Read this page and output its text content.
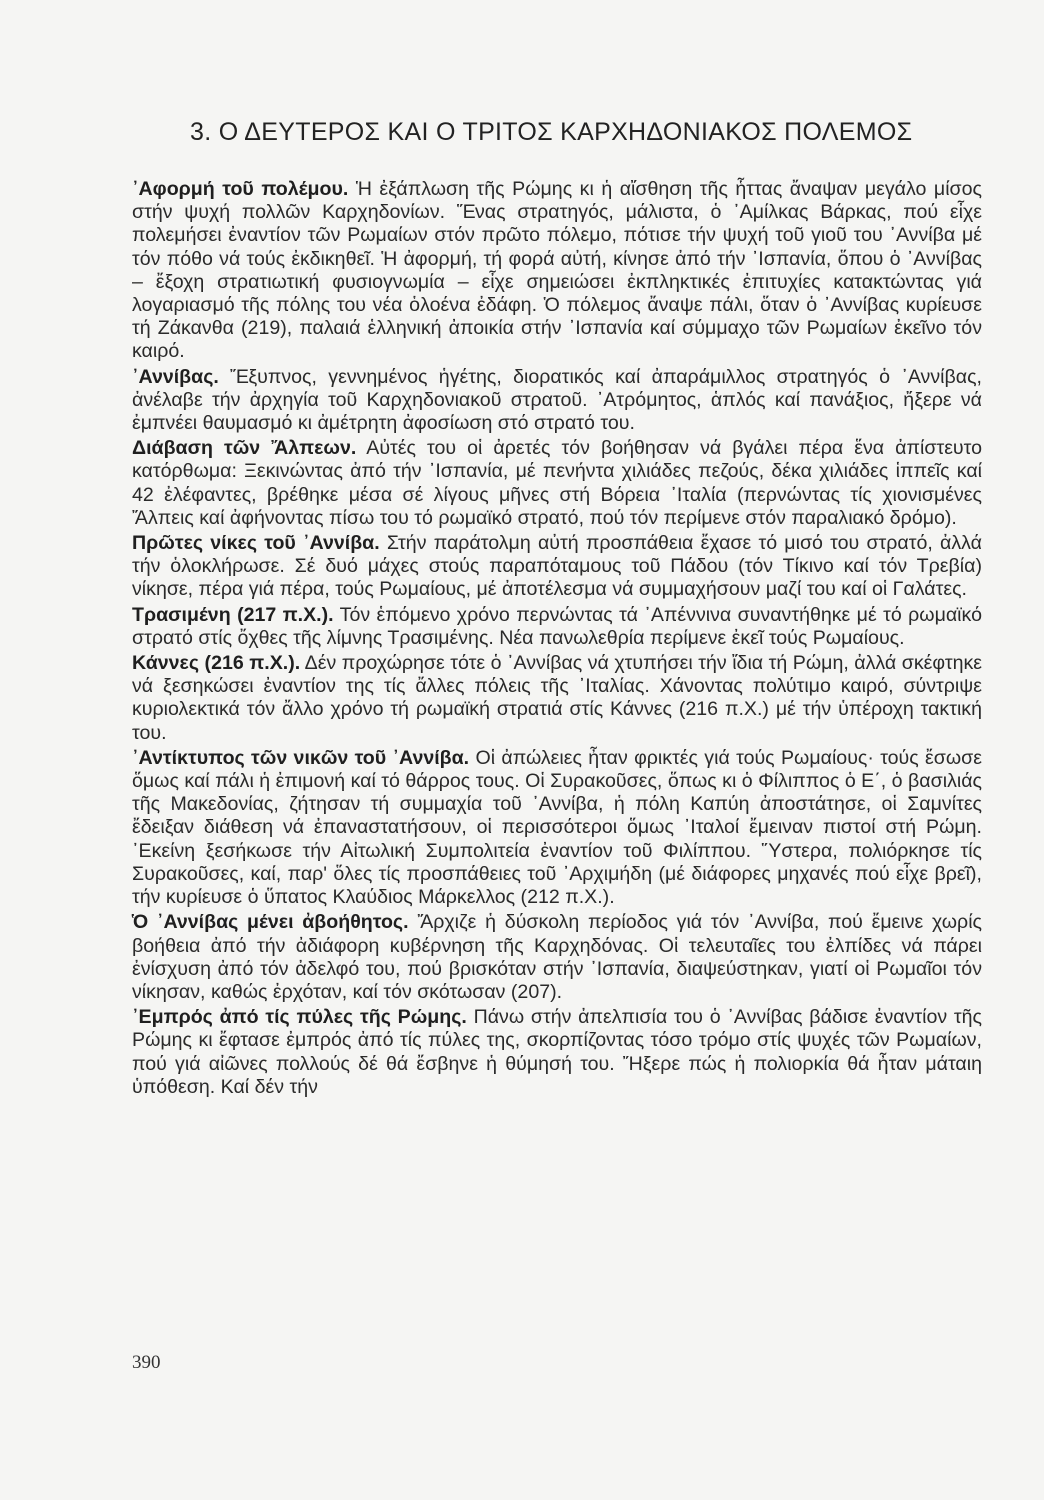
3. Ο ΔΕΥΤΕΡΟΣ ΚΑΙ Ο ΤΡΙΤΟΣ ΚΑΡΧΗΔΟΝΙΑΚΟΣ ΠΟΛΕΜΟΣ

᾿Αφορμή τοῦ πολέμου. Ἡ ἐξάπλωση τῆς Ρώμης κι ἡ αἴσθηση τῆς ἧττας ἄναψαν μεγάλο μίσος στήν ψυχή πολλῶν Καρχηδονίων. Ἕνας στρατηγός, μάλιστα, ὁ ᾿Αμίλκας Βάρκας, πού εἶχε πολεμήσει ἐναντίον τῶν Ρωμαίων στόν πρῶτο πόλεμο, πότισε τήν ψυχή τοῦ γιοῦ του ᾿Αννίβα μέ τόν πόθο νά τούς ἐκδικηθεῖ. Ἡ ἀφορμή, τή φορά αὐτή, κίνησε ἀπό τήν ᾿Ισπανία, ὅπου ὁ ᾿Αννίβας – ἔξοχη στρατιωτική φυσιογνωμία – εἶχε σημειώσει ἐκπληκτικές ἐπιτυχίες κατακτώντας γιά λογαριασμό τῆς πόλης του νέα ὁλοένα ἐδάφη. Ὁ πόλεμος ἄναψε πάλι, ὅταν ὁ ᾿Αννίβας κυρίευσε τή Ζάκανθα (219), παλαιά ἑλληνική ἀποικία στήν ᾿Ισπανία καί σύμμαχο τῶν Ρωμαίων ἐκεῖνο τόν καιρό.

᾿Αννίβας. Ἔξυπνος, γεννημένος ἡγέτης, διορατικός καί ἀπαράμιλλος στρατηγός ὁ ᾿Αννίβας, ἀνέλαβε τήν ἀρχηγία τοῦ Καρχηδονιακοῦ στρατοῦ. ᾿Ατρόμητος, ἁπλός καί πανάξιος, ἤξερε νά ἐμπνέει θαυμασμό κι ἀμέτρητη ἀφοσίωση στό στρατό του.

Διάβαση τῶν Ἄλπεων. Αὐτές του οἱ ἀρετές τόν βοήθησαν νά βγάλει πέρα ἕνα ἀπίστευτο κατόρθωμα: Ξεκινώντας ἀπό τήν ᾿Ισπανία, μέ πενήντα χιλιάδες πεζούς, δέκα χιλιάδες ἱππεῖς καί 42 ἐλέφαντες, βρέθηκε μέσα σέ λίγους μῆνες στή Βόρεια ᾿Ιταλία (περνώντας τίς χιονισμένες Ἄλπεις καί ἀφήνοντας πίσω του τό ρωμαϊκό στρατό, πού τόν περίμενε στόν παραλιακό δρόμο).

Πρῶτες νίκες τοῦ ᾿Αννίβα. Στήν παράτολμη αὐτή προσπάθεια ἔχασε τό μισό του στρατό, ἀλλά τήν ὁλοκλήρωσε. Σέ δυό μάχες στούς παραπόταμους τοῦ Πάδου (τόν Τίκινο καί τόν Τρεβία) νίκησε, πέρα γιά πέρα, τούς Ρωμαίους, μέ ἀποτέλεσμα νά συμμαχήσουν μαζί του καί οἱ Γαλάτες.

Τρασιμένη (217 π.Χ.). Τόν ἑπόμενο χρόνο περνώντας τά ᾿Απέννινα συναντήθηκε μέ τό ρωμαϊκό στρατό στίς ὄχθες τῆς λίμνης Τρασιμένης. Νέα πανωλεθρία περίμενε ἐκεῖ τούς Ρωμαίους.

Κάννες (216 π.Χ.). Δέν προχώρησε τότε ὁ ᾿Αννίβας νά χτυπήσει τήν ἴδια τή Ρώμη, ἀλλά σκέφτηκε νά ξεσηκώσει ἐναντίον της τίς ἄλλες πόλεις τῆς ᾿Ιταλίας. Χάνοντας πολύτιμο καιρό, σύντριψε κυριολεκτικά τόν ἄλλο χρόνο τή ρωμαϊκή στρατιά στίς Κάννες (216 π.Χ.) μέ τήν ὑπέροχη τακτική του.

᾿Αντίκτυπος τῶν νικῶν τοῦ ᾿Αννίβα. Οἱ ἀπώλειες ἦταν φρικτές γιά τούς Ρωμαίους· τούς ἔσωσε ὅμως καί πάλι ἡ ἐπιμονή καί τό θάρρος τους. Οἱ Συρακοῦσες, ὅπως κι ὁ Φίλιππος ὁ Ε΄, ὁ βασιλιάς τῆς Μακεδονίας, ζήτησαν τή συμμαχία τοῦ ᾿Αννίβα, ἡ πόλη Καπύη ἀποστάτησε, οἱ Σαμνίτες ἔδειξαν διάθεση νά ἐπαναστατήσουν, οἱ περισσότεροι ὅμως ᾿Ιταλοί ἔμειναν πιστοί στή Ρώμη. ᾿Εκείνη ξεσήκωσε τήν Αἰτωλική Συμπολιτεία ἐναντίον τοῦ Φιλίππου. Ὕστερα, πολιόρκησε τίς Συρακοῦσες, καί, παρ' ὅλες τίς προσπάθειες τοῦ ᾿Αρχιμήδη (μέ διάφορες μηχανές πού εἶχε βρεῖ), τήν κυρίευσε ὁ ὕπατος Κλαύδιος Μάρκελλος (212 π.Χ.).

Ὁ ᾿Αννίβας μένει ἀβοήθητος. Ἄρχιζε ἡ δύσκολη περίοδος γιά τόν ᾿Αννίβα, πού ἔμεινε χωρίς βοήθεια ἀπό τήν ἀδιάφορη κυβέρνηση τῆς Καρχηδόνας. Οἱ τελευταῖες του ἐλπίδες νά πάρει ἐνίσχυση ἀπό τόν ἀδελφό του, πού βρισκόταν στήν ᾿Ισπανία, διαψεύστηκαν, γιατί οἱ Ρωμαῖοι τόν νίκησαν, καθώς ἐρχόταν, καί τόν σκότωσαν (207).

᾿Εμπρός ἀπό τίς πύλες τῆς Ρώμης. Πάνω στήν ἀπελπισία του ὁ ᾿Αννίβας βάδισε ἐναντίον τῆς Ρώμης κι ἔφτασε ἐμπρός ἀπό τίς πύλες της, σκορπίζοντας τόσο τρόμο στίς ψυχές τῶν Ρωμαίων, πού γιά αἰῶνες πολλούς δέ θά ἔσβηνε ἡ θύμησή του. Ἤξερε πώς ἡ πολιορκία θά ἦταν μάταιη ὑπόθεση. Καί δέν τήν

390
